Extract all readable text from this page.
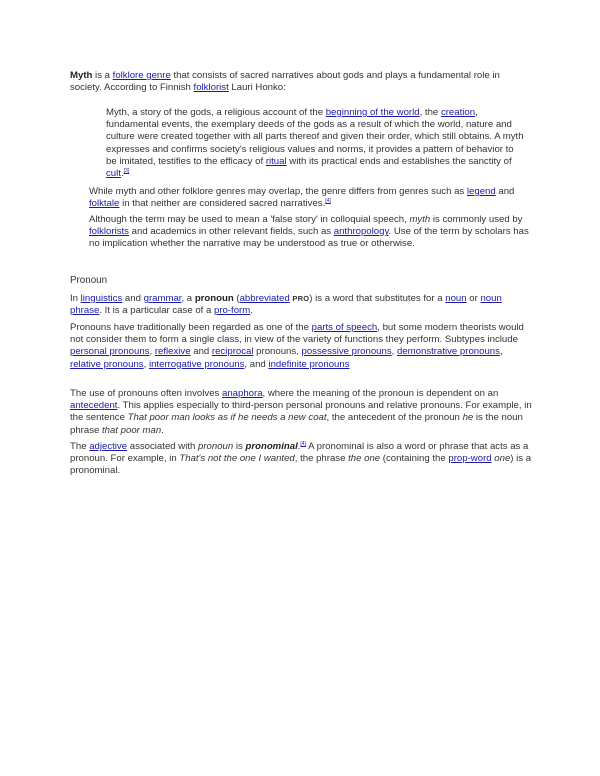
Myth is a folklore genre that consists of sacred narratives about gods and plays a fundamental role in society. According to Finnish folklorist Lauri Honko:

Myth, a story of the gods, a religious account of the beginning of the world, the creation, fundamental events, the exemplary deeds of the gods as a result of which the world, nature and culture were created together with all parts thereof and given their order, which still obtains. A myth expresses and confirms society's religious values and norms, it provides a pattern of behavior to be imitated, testifies to the efficacy of ritual with its practical ends and establishes the sanctity of cult.[3]

While myth and other folklore genres may overlap, the genre differs from genres such as legend and folktale in that neither are considered sacred narratives.[4]

Although the term may be used to mean a 'false story' in colloquial speech, myth is commonly used by folklorists and academics in other relevant fields, such as anthropology. Use of the term by scholars has no implication whether the narrative may be understood as true or otherwise.

Pronoun

In linguistics and grammar, a pronoun (abbreviated PRO) is a word that substitutes for a noun or noun phrase. It is a particular case of a pro-form.

Pronouns have traditionally been regarded as one of the parts of speech, but some modern theorists would not consider them to form a single class, in view of the variety of functions they perform. Subtypes include personal pronouns, reflexive and reciprocal pronouns, possessive pronouns, demonstrative pronouns, relative pronouns, interrogative pronouns, and indefinite pronouns

The use of pronouns often involves anaphora, where the meaning of the pronoun is dependent on an antecedent. This applies especially to third-person personal pronouns and relative pronouns. For example, in the sentence That poor man looks as if he needs a new coat, the antecedent of the pronoun he is the noun phrase that poor man.

The adjective associated with pronoun is pronominal.[4] A pronominal is also a word or phrase that acts as a pronoun. For example, in That's not the one I wanted, the phrase the one (containing the prop-word one) is a pronominal.
